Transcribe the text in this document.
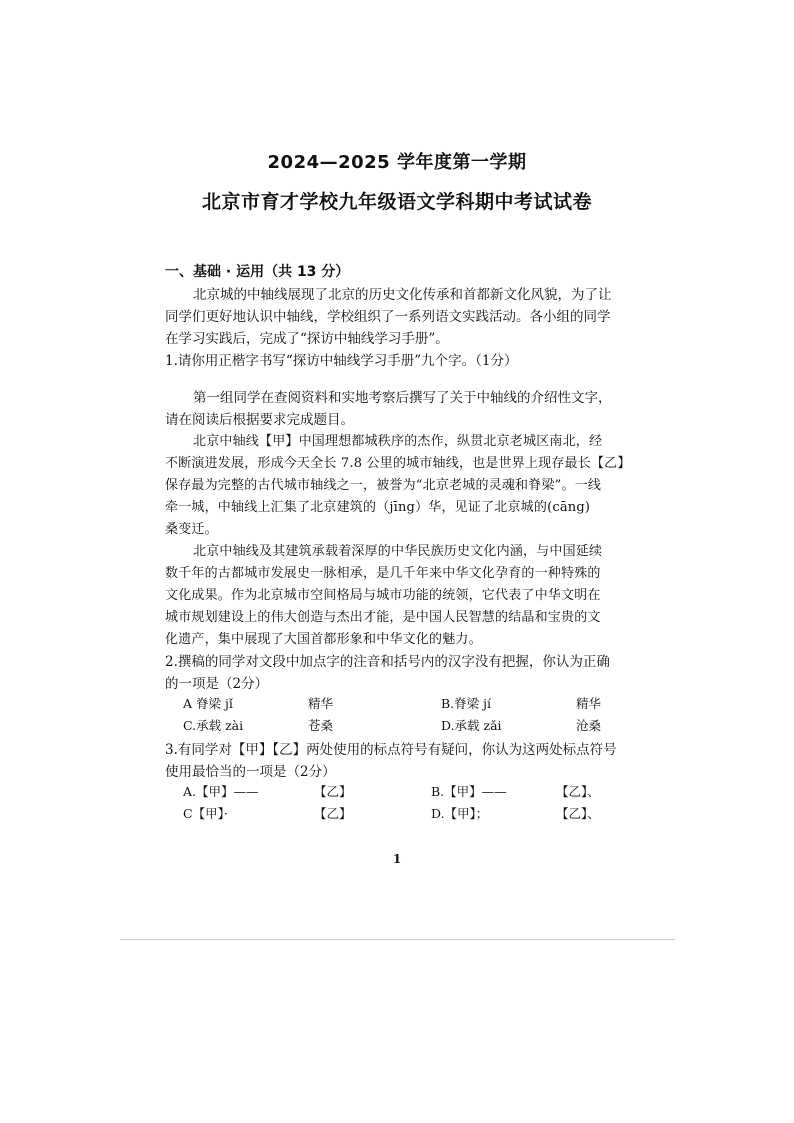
2024—2025 学年度第一学期
北京市育才学校九年级语文学科期中考试试卷
一、基础 · 运用（共 13 分）
北京城的中轴线展现了北京的历史文化传承和首都新文化风貌，为了让
同学们更好地认识中轴线，学校组织了一系列语文实践活动。各小组的同学
在学习实践后，完成了“探访中轴线学习手册”。
1.请你用正楷字书写“探访中轴线学习手册”九个字。（1分）
第一组同学在查阅资料和实地考察后撰写了关于中轴线的介绍性文字，
请在阅读后根据要求完成题目。
北京中轴线【甲】中国理想都城秩序的杰作，纵贯北京老城区南北，经
不断演进发展，形成今天全长 7.8 公里的城市轴线，也是世界上现存最长【乙】
保存最为完整的古代城市轴线之一，被誉为“北京老城的灵魂和脊梁”。一线
牵一城，中轴线上汇集了北京建筑的（jīng）华，见证了北京城的(cāng)
桑变迁。
北京中轴线及其建筑承载着深厚的中华民族历史文化内涵，与中国延续
数千年的古都城市发展史一脉相承，是几千年来中华文化孕育的一种特殊的
文化成果。作为北京城市空间格局与城市功能的统领，它代表了中华文明在
城市规划建设上的伟大创造与杰出才能，是中国人民智慧的结晶和宝贵的文
化遗产，集中展现了大国首都形象和中华文化的魅力。
2.撰稿的同学对文段中加点字的注音和括号内的汉字没有把握，你认为正确
的一项是（2分）
A 脊梁 jǐ	精华	B.脊梁 jí	精华
C.承载 zài	苍桑	D.承载 zǎi	沧桑
3.有同学对【甲】【乙】两处使用的标点符号有疑问，你认为这两处标点符号
使用最恰当的一项是（2分）
A.【甲】——	【乙】	B.【甲】——	【乙】、
C【甲】·	【乙】	D.【甲】；	【乙】、
1
